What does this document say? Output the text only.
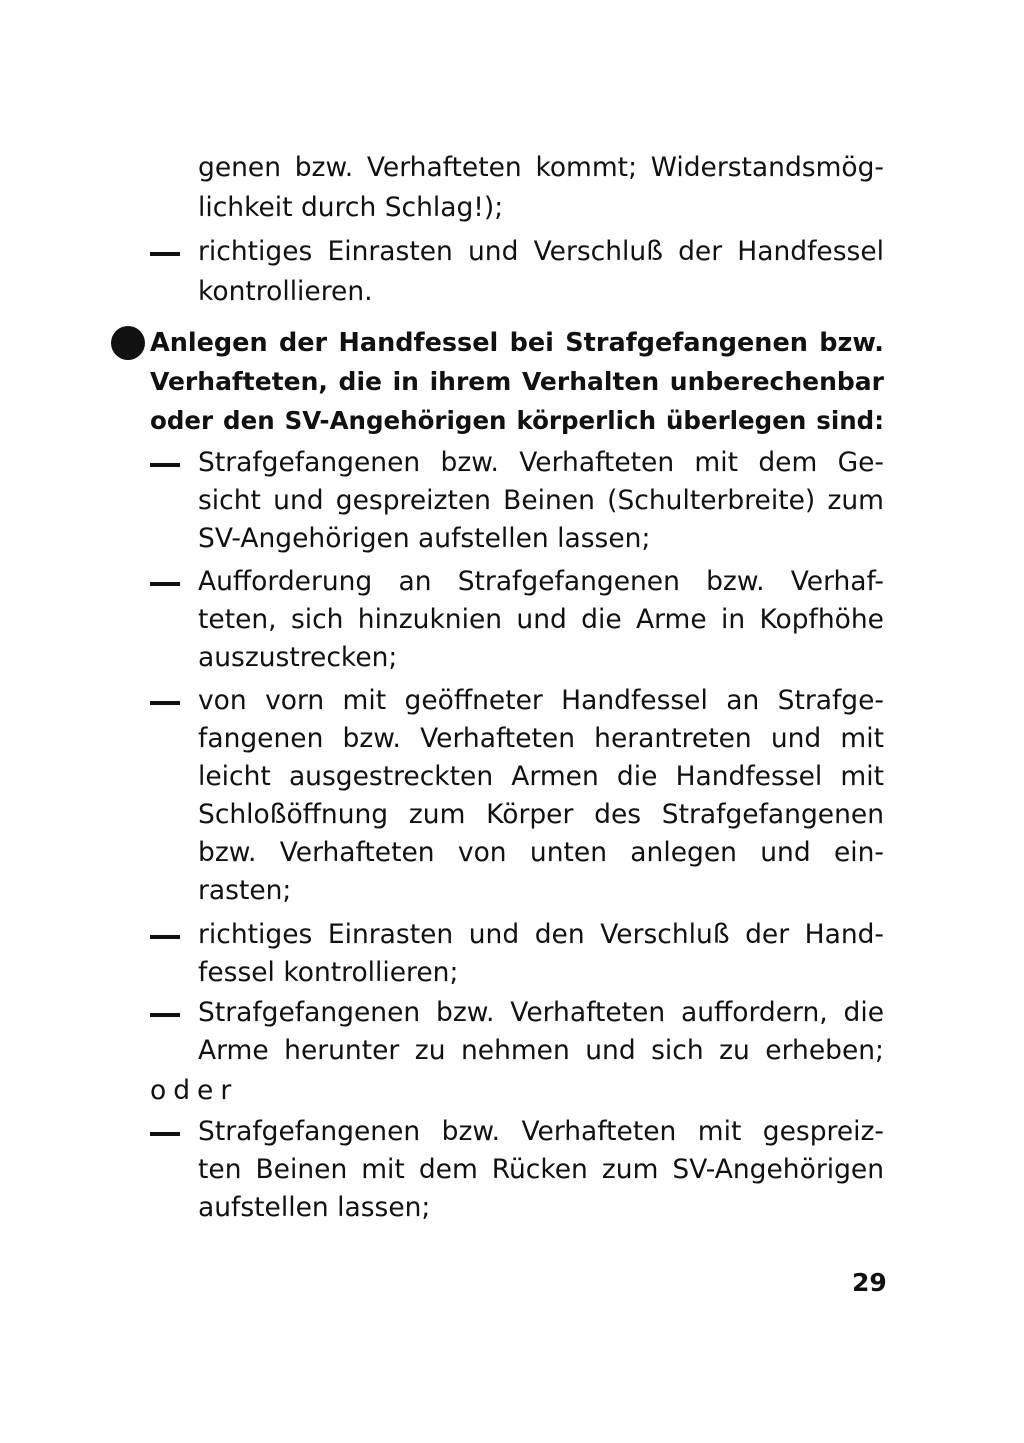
genen bzw. Verhafteten kommt; Widerstandsmög-
lichkeit durch Schlag!);
richtiges Einrasten und Verschluß der Handfessel
kontrollieren.
Anlegen der Handfessel bei Strafgefangenen bzw.
Verhafteten, die in ihrem Verhalten unberechenbar
oder den SV-Angehörigen körperlich überlegen sind:
Strafgefangenen bzw. Verhafteten mit dem Ge-
sicht und gespreizten Beinen (Schulterbreite) zum
SV-Angehörigen aufstellen lassen;
Aufforderung an Strafgefangenen bzw. Verhaf-
teten, sich hinzuknien und die Arme in Kopfhöhe
auszustrecken;
von vorn mit geöffneter Handfessel an Strafge-
fangenen bzw. Verhafteten herantreten und mit
leicht ausgestreckten Armen die Handfessel mit
Schloßöffnung zum Körper des Strafgefangenen
bzw. Verhafteten von unten anlegen und ein-
rasten;
richtiges Einrasten und den Verschluß der Hand-
fessel kontrollieren;
Strafgefangenen bzw. Verhafteten auffordern, die
Arme herunter zu nehmen und sich zu erheben;
oder
Strafgefangenen bzw. Verhafteten mit gespreiz-
ten Beinen mit dem Rücken zum SV-Angehörigen
aufstellen lassen;
29
